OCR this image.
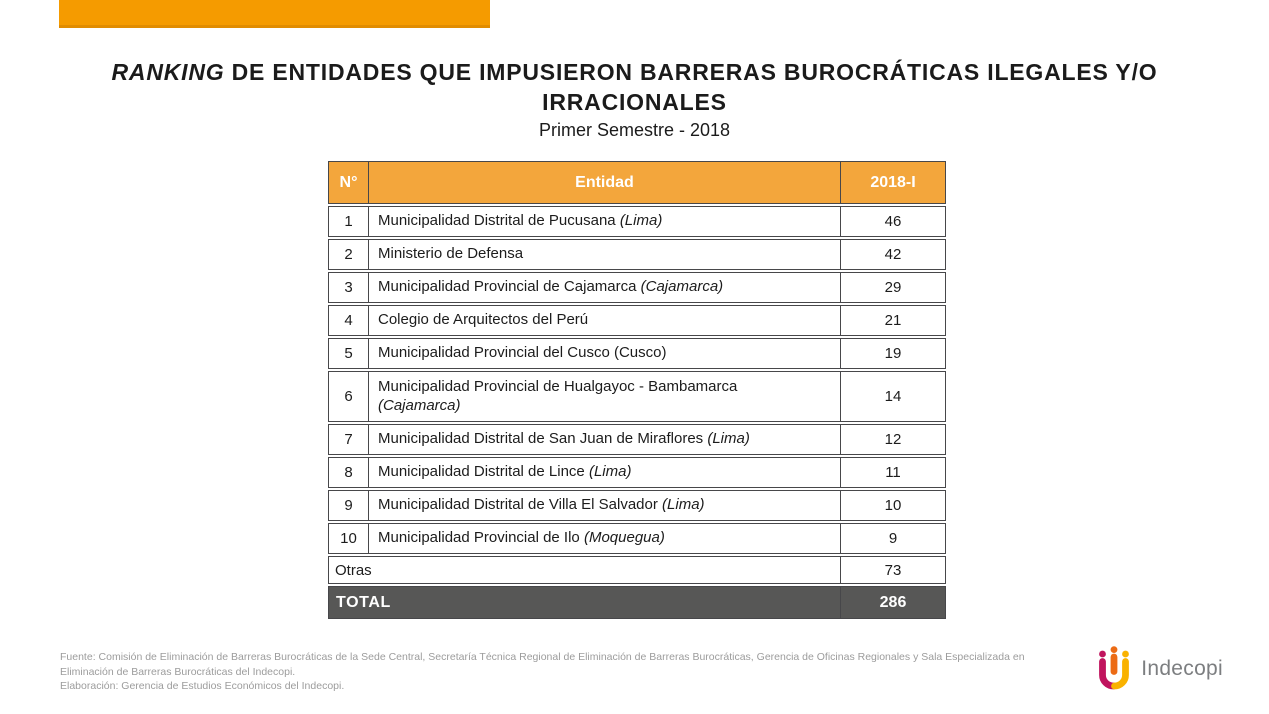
RANKING DE ENTIDADES QUE IMPUSIERON BARRERAS BUROCRÁTICAS ILEGALES Y/O
IRRACIONALES
Primer Semestre - 2018
N°	Entidad	2018-I
1	Municipalidad Distrital de Pucusana (Lima)	46
2	Ministerio de Defensa	42
3	Municipalidad Provincial de Cajamarca (Cajamarca)	29
4	Colegio de Arquitectos del Perú	21
5	Municipalidad Provincial del Cusco (Cusco)	19
6	Municipalidad Provincial de Hualgayoc - Bambamarca
(Cajamarca)	14
7	Municipalidad Distrital de San Juan de Miraflores (Lima)	12
8	Municipalidad Distrital de Lince (Lima)	11
9	Municipalidad Distrital de Villa El Salvador (Lima)	10
10	Municipalidad Provincial de Ilo (Moquegua)	9
Otras		73
TOTAL		286
Fuente: Comisión de Eliminación de Barreras Burocráticas de la Sede Central, Secretaría Técnica Regional de Eliminación de Barreras Burocráticas, Gerencia de Oficinas Regionales y Sala Especializada en
Eliminación de Barreras Burocráticas del Indecopi.
Elaboración: Gerencia de Estudios Económicos del Indecopi.
Indecopi
